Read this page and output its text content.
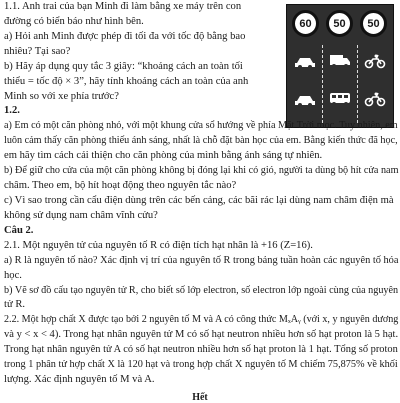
60	50	50
1.1. Anh trai của bạn Minh đi làm bằng xe máy trên con
đường có biển báo như hình bên.
a) Hỏi anh Minh được phép đi tối đa với tốc độ bằng bao
nhiêu? Tại sao?
b) Hãy áp dụng quy tắc 3 giây: “khoảng cách an toàn tối
thiểu = tốc độ × 3”, hãy tính khoảng cách an toàn của anh
Minh so với xe phía trước?
1.2.
a) Em có một căn phòng nhỏ, với một khung cửa sổ hướng về phía Mặt Trời mọc. Tuy nhiên, em
luôn cảm thấy căn phòng thiếu ánh sáng, nhất là chỗ đặt bàn học của em. Bằng kiến thức đã học,
em hãy tìm cách cải thiện cho căn phòng của mình bằng ánh sáng tự nhiên.
b) Để giữ cho cửa của một căn phòng không bị đóng lại khi có gió, người ta dùng bộ hít cửa nam
châm. Theo em, bộ hít hoạt động theo nguyên tắc nào?
c) Vì sao trong cần cẩu điện dùng trên các bến cảng, các bãi rác lại dùng nam châm điện mà
không sử dụng nam châm vĩnh cửu?
Câu 2.
2.1. Một nguyên tử của nguyên tố R có điện tích hạt nhân là +16 (Z=16).
a) R là nguyên tố nào? Xác định vị trí của nguyên tố R trong bảng tuần hoàn các nguyên tố hóa
học.
b) Vẽ sơ đồ cấu tạo nguyên tử R, cho biết số lớp electron, số electron lớp ngoài cùng của nguyên
tử R.
2.2. Một hợp chất X được tạo bởi 2 nguyên tố M và A có công thức MₓAᵧ (với x, y nguyên dương
và y < x < 4). Trong hạt nhân nguyên tử M có số hạt neutron nhiều hơn số hạt proton là 5 hạt.
Trong hạt nhân nguyên tử A có số hạt neutron nhiều hơn số hạt proton là 1 hạt. Tổng số proton
trong 1 phân tử hợp chất X là 120 hạt và trong hợp chất X nguyên tố M chiếm 75,875% về khối
lượng. Xác định nguyên tố M và A.
Hết
